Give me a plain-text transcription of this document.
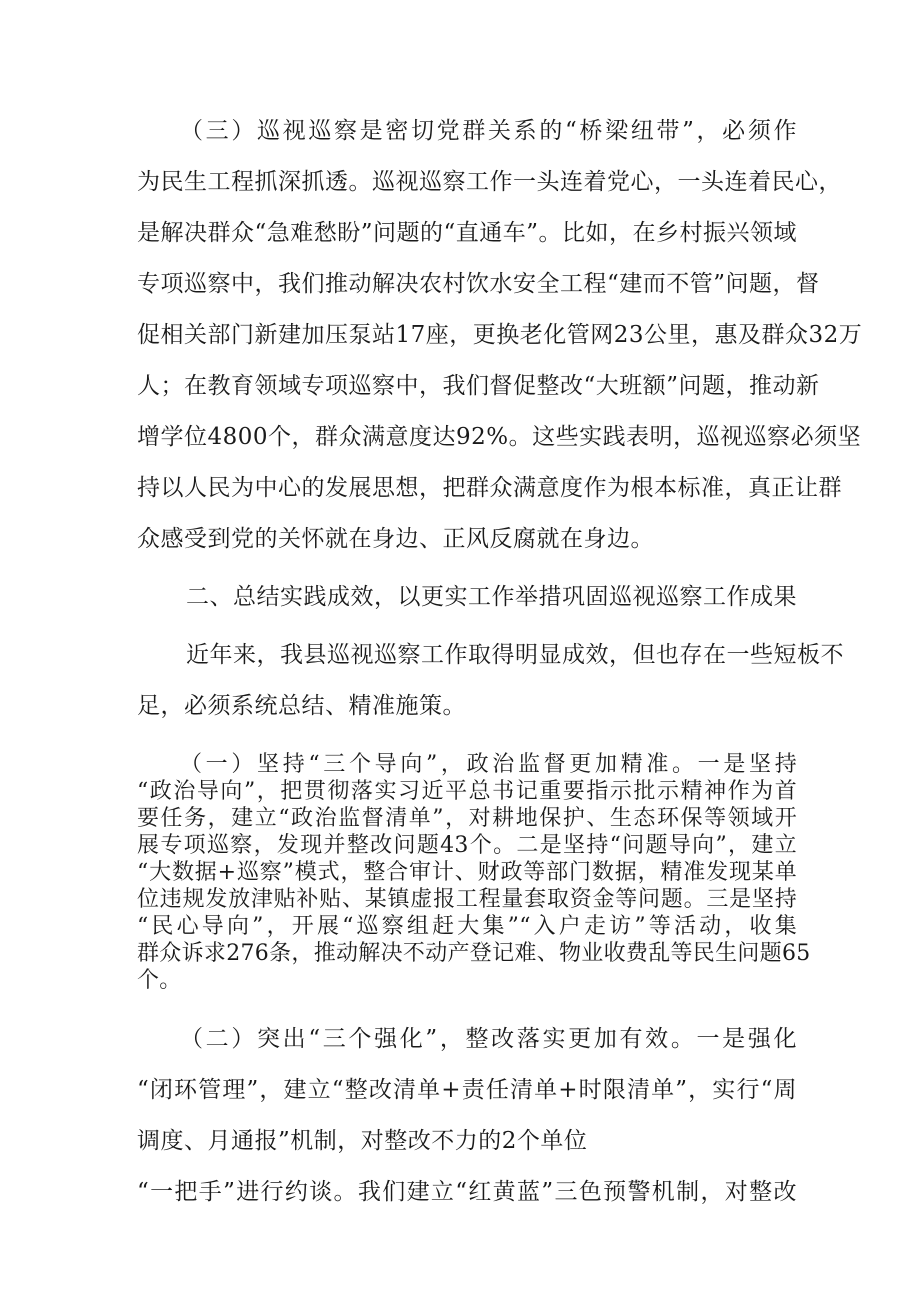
（三）巡视巡察是密切党群关系的“桥梁纽带”，必须作
为民生工程抓深抓透。巡视巡察工作一头连着党心，一头连着民心，
是解决群众“急难愁盼”问题的“直通车”。比如，在乡村振兴领域
专项巡察中，我们推动解决农村饮水安全工程“建而不管”问题，督
促相关部门新建加压泵站17座，更换老化管网23公里，惠及群众32万
人；在教育领域专项巡察中，我们督促整改“大班额”问题，推动新
增学位4800个，群众满意度达92%。这些实践表明，巡视巡察必须坚
持以人民为中心的发展思想，把群众满意度作为根本标准，真正让群
众感受到党的关怀就在身边、正风反腐就在身边。
二、总结实践成效，以更实工作举措巩固巡视巡察工作成果
近年来，我县巡视巡察工作取得明显成效，但也存在一些短板不
足，必须系统总结、精准施策。
（一）坚持“三个导向”，政治监督更加精准。一是坚持
“政治导向”，把贯彻落实习近平总书记重要指示批示精神作为首
要任务，建立“政治监督清单”，对耕地保护、生态环保等领域开
展专项巡察，发现并整改问题43个。二是坚持“问题导向”，建立
“大数据+巡察”模式，整合审计、财政等部门数据，精准发现某单
位违规发放津贴补贴、某镇虚报工程量套取资金等问题。三是坚持
“民心导向”，开展“巡察组赶大集”“入户走访”等活动，收集
群众诉求276条，推动解决不动产登记难、物业收费乱等民生问题65
个。
（二）突出“三个强化”，整改落实更加有效。一是强化
“闭环管理”，建立“整改清单+责任清单+时限清单”，实行“周
调度、月通报”机制，对整改不力的2个单位
“一把手”进行约谈。我们建立“红黄蓝”三色预警机制，对整改
